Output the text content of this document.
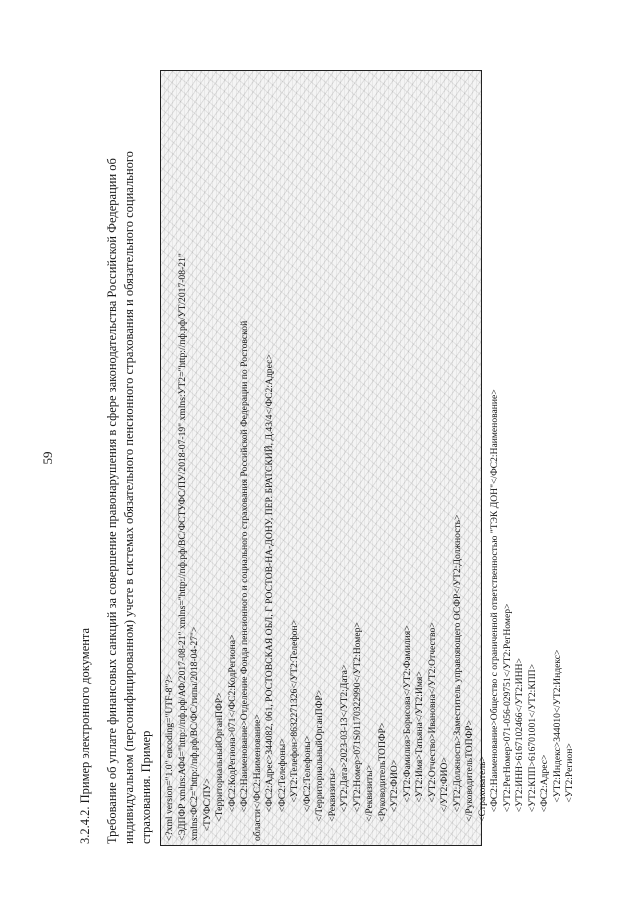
59
3.2.4.2. Пример электронного документа Требование об уплате финансовых санкций за совершение правонарушения в сфере законодательства Российской Федерации об индивидуальном (персонифицированном) учете в системах обязательного пенсионного страхования и обязательного социального страхования. Пример <?xml version="1.0" encoding="UTF-8"?> <ЭДПФР xmlns:АФ4="http://пф.рф/АФ/2017-08-21" xmlns="http://пф.рф/ВС/ФСТУФС/ПУ/2018-07-19" xmlns:УТ2="http://пф.рф/УТ/2017-08-21" xmlns:ФС2="http://пф.рф/ВС/ФС/типы/2018-04-27"> <ТУФС/ПУ> <ТерриториальныйОрганПФР> <ФС2:КодРегиона>071</ФС2:КодРегиона> <ФС2:Наименование>Отделение Фонда пенсионного и социального страхования Российской Федерации по Ростовской области</ФС2:Наименование> <ФС2:Адрес>344082, 061, РОСТОВСКАЯ ОБЛ, Г РОСТОВ-НА-ДОНУ, ПЕР. БРАТСКИЙ, Д.43/4</ФС2:Адрес> <ФС2:Телефоны> <УТ2:Телефон>8632271326</УТ2:Телефон> </ФС2:Телефоны> </ТерриториальныйОрганПФР> <Реквизиты> <УТ2:Дата>2023-03-13</УТ2:Дата> <УТ2:Номер>071S01170322990</УТ2:Номер> </Реквизиты> <РуководительТОПФР> <УТ2:ФИО> <УТ2:Фамилия>Борисова</УТ2:Фамилия> <УТ2:Имя>Татьяна</УТ2:Имя> <УТ2:Отчество>Ивановна</УТ2:Отчество> </УТ2:ФИО> <УТ2:Должность>Заместитель управляющего ОСФР</УТ2:Должность> </РуководительТОПФР> <Страхователь> <ФС2:Наименование>Общество с ограниченной ответственностью "ТЭК ДОН"</ФС2:Наименование> <УТ2:РегНомер>071-056-029751</УТ2:РегНомер> <УТ2:ИНН>6167102466</УТ2:ИНН> <УТ2:КПП>616701001</УТ2:КПП> <ФС2:Адрес> <УТ2:Индекс>344010</УТ2:Индекс> <УТ2:Регион>
